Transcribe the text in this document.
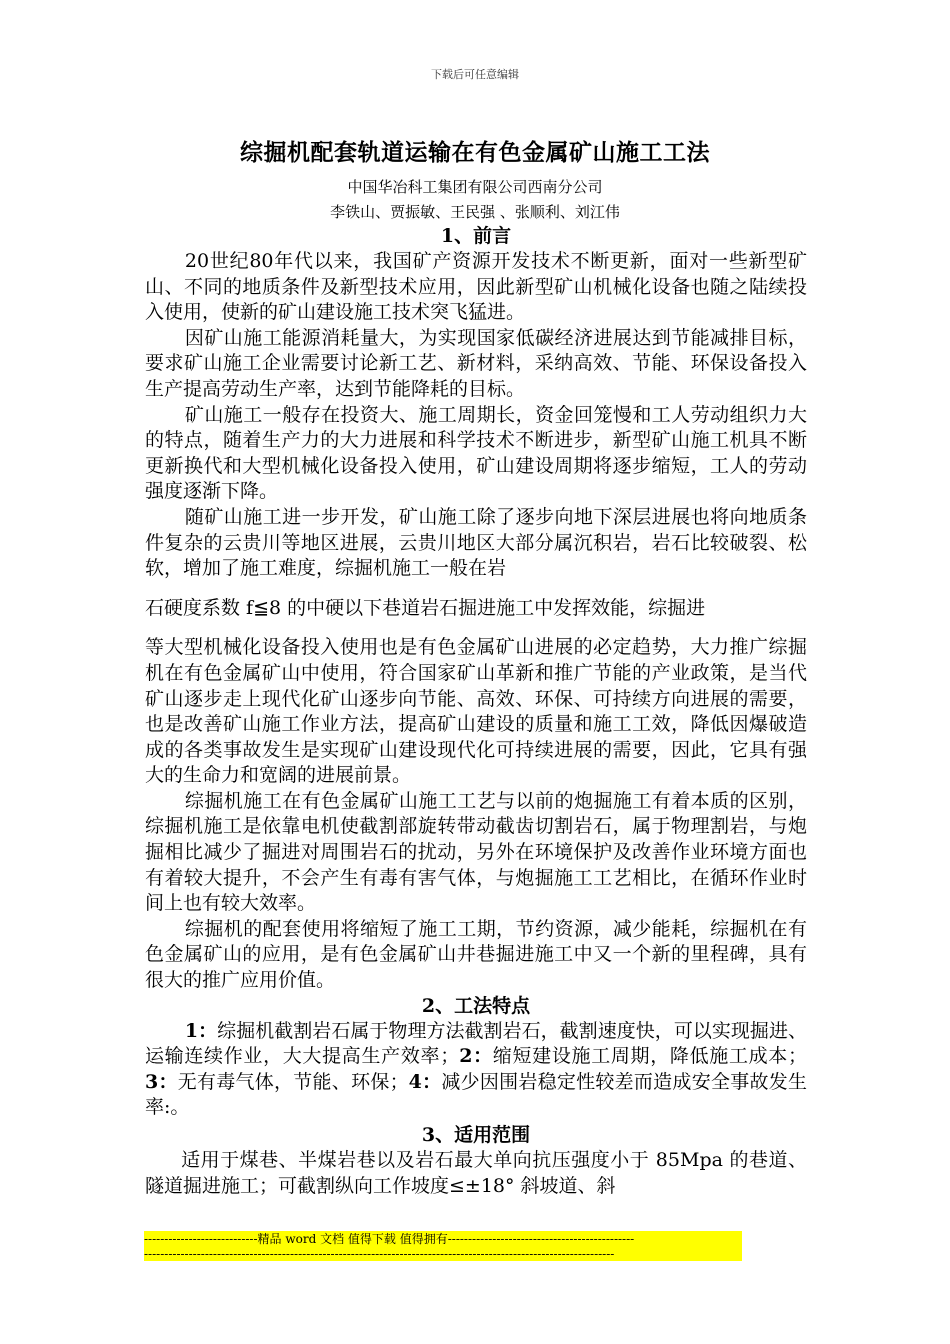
下载后可任意编辑
综掘机配套轨道运输在有色金属矿山施工工法
中国华冶科工集团有限公司西南分公司
李铁山、贾振敏、王民强 、张顺利、刘江伟
1、前言

20世纪80年代以来，我国矿产资源开发技术不断更新，面对一些新型矿山、不同的地质条件及新型技术应用，因此新型矿山机械化设备也随之陆续投入使用，使新的矿山建设施工技术突飞猛进。

因矿山施工能源消耗量大，为实现国家低碳经济进展达到节能减排目标，要求矿山施工企业需要讨论新工艺、新材料，采纳高效、节能、环保设备投入生产提高劳动生产率，达到节能降耗的目标。

矿山施工一般存在投资大、施工周期长，资金回笼慢和工人劳动组织力大的特点，随着生产力的大力进展和科学技术不断进步，新型矿山施工机具不断更新换代和大型机械化设备投入使用，矿山建设周期将逐步缩短，工人的劳动强度逐渐下降。

随矿山施工进一步开发，矿山施工除了逐步向地下深层进展也将向地质条件复杂的云贵川等地区进展，云贵川地区大部分属沉积岩，岩石比较破裂、松软，增加了施工难度，综掘机施工一般在岩

石硬度系数 f≦8 的中硬以下巷道岩石掘进施工中发挥效能，综掘进

等大型机械化设备投入使用也是有色金属矿山进展的必定趋势，大力推广综掘机在有色金属矿山中使用，符合国家矿山革新和推广节能的产业政策，是当代矿山逐步走上现代化矿山逐步向节能、高效、环保、可持续方向进展的需要，也是改善矿山施工作业方法，提高矿山建设的质量和施工工效，降低因爆破造成的各类事故发生是实现矿山建设现代化可持续进展的需要，因此，它具有强大的生命力和宽阔的进展前景。

综掘机施工在有色金属矿山施工工艺与以前的炮掘施工有着本质的区别，综掘机施工是依靠电机使截割部旋转带动截齿切割岩石，属于物理割岩，与炮掘相比减少了掘进对周围岩石的扰动，另外在环境保护及改善作业环境方面也有着较大提升，不会产生有毒有害气体，与炮掘施工工艺相比，在循环作业时间上也有较大效率。

综掘机的配套使用将缩短了施工工期，节约资源，减少能耗，综掘机在有色金属矿山的应用，是有色金属矿山井巷掘进施工中又一个新的里程碑，具有很大的推广应用价值。

2、工法特点

1：综掘机截割岩石属于物理方法截割岩石，截割速度快，可以实现掘进、运输连续作业，大大提高生产效率；2：缩短建设施工周期，降低施工成本；3：无有毒气体，节能、环保；4：减少因围岩稳定性较差而造成安全事故发生率:。

3、适用范围

适用于煤巷、半煤岩巷以及岩石最大单向抗压强度小于 85Mpa 的巷道、隧道掘进施工；可截割纵向工作坡度≤±18° 斜坡道、斜

----------------------------精品 word 文档 值得下载 值得拥有----------------------------------------------
--------------------------------------------------------------------------------------------------------------------
